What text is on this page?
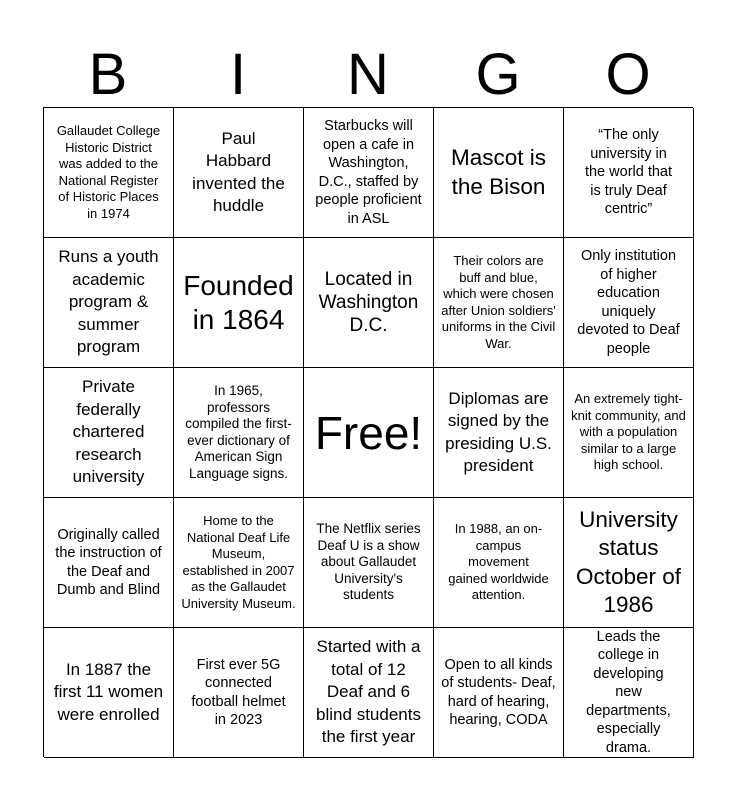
B	I	N	G	O
Gallaudet College Historic District was added to the National Register of Historic Places in 1974
Paul Habbard invented the huddle
Starbucks will open a cafe in Washington, D.C., staffed by people proficient in ASL
Mascot is the Bison
“The only university in the world that is truly Deaf centric”
Runs a youth academic program & summer program
Founded in 1864
Located in Washington D.C.
Their colors are buff and blue, which were chosen after Union soldiers' uniforms in the Civil War.
Only institution of higher education uniquely devoted to Deaf people
Private federally chartered research university
In 1965, professors compiled the first-ever dictionary of American Sign Language signs.
Free!
Diplomas are signed by the presiding U.S. president
An extremely tight-knit community, and with a population similar to a large high school.
Originally called the instruction of the Deaf and Dumb and Blind
Home to the National Deaf Life Museum, established in 2007 as the Gallaudet University Museum.
The Netflix series Deaf U is a show about Gallaudet University's students
In 1988, an on-campus movement gained worldwide attention.
University status October of 1986
In 1887 the first 11 women were enrolled
First ever 5G connected football helmet in 2023
Started with a total of 12 Deaf and 6 blind students the first year
Open to all kinds of students- Deaf, hard of hearing, hearing, CODA
Leads the college in developing new departments, especially drama.
